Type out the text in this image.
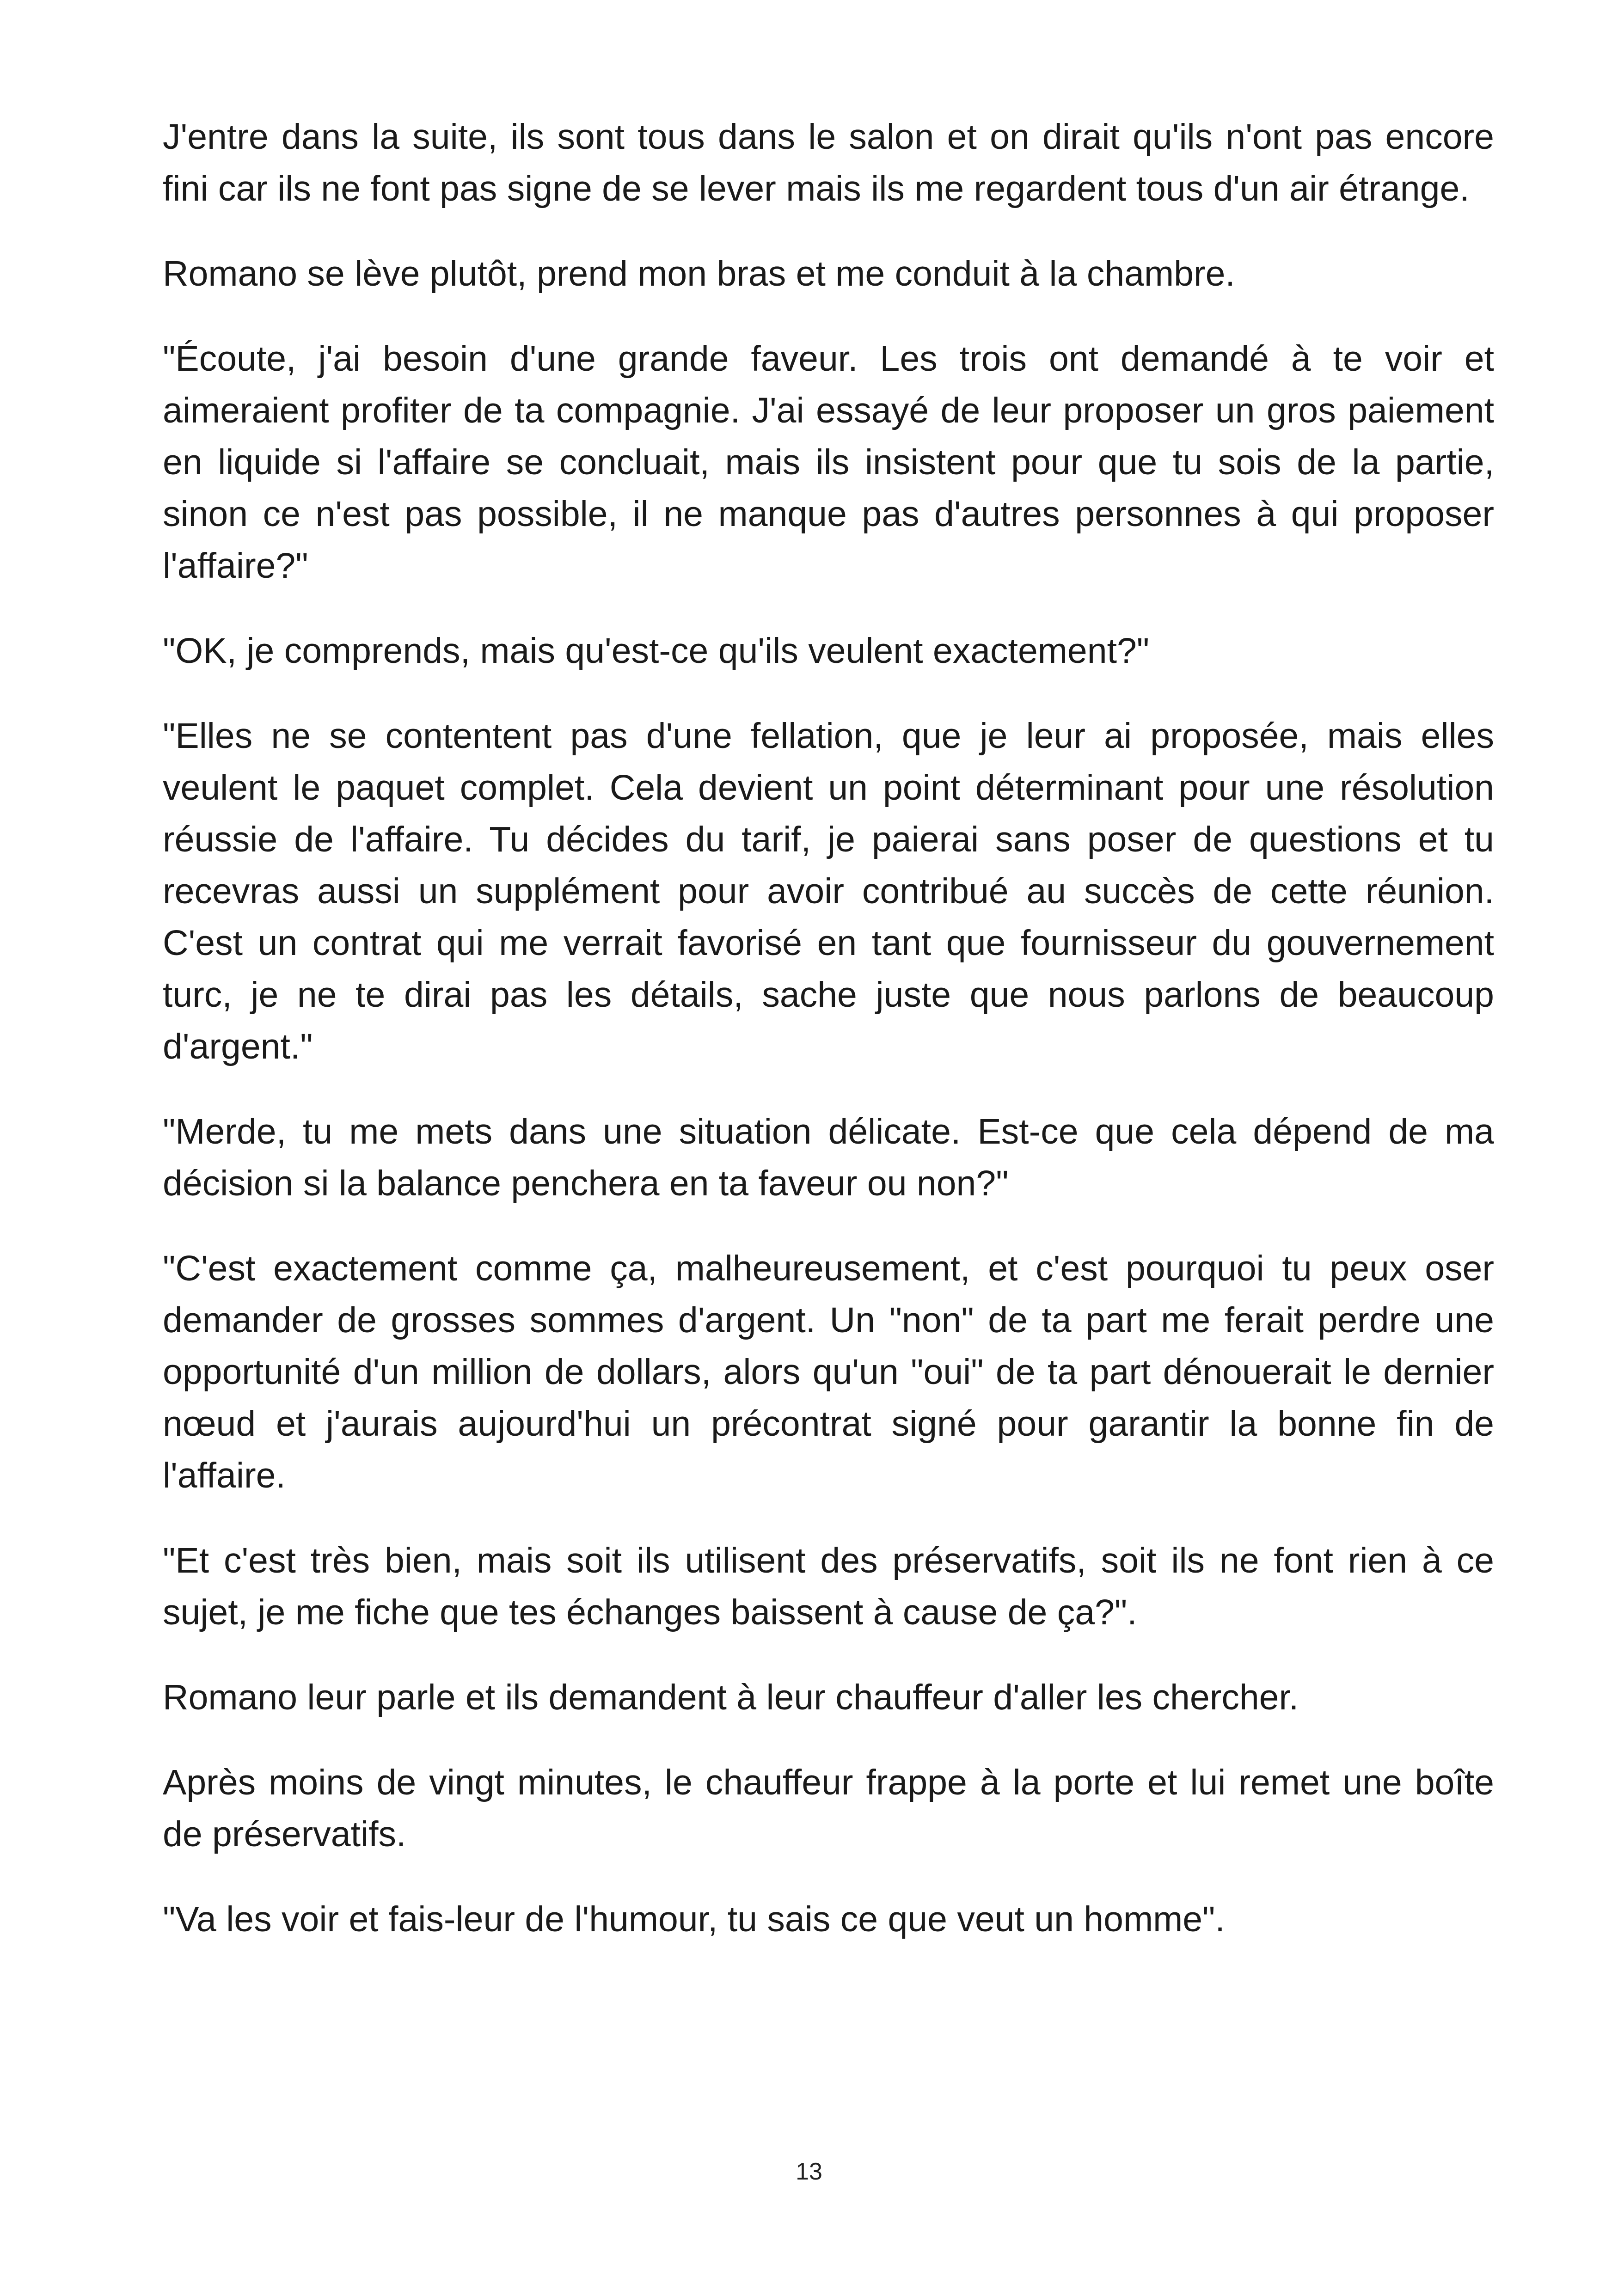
J'entre dans la suite, ils sont tous dans le salon et on dirait qu'ils n'ont pas encore fini car ils ne font pas signe de se lever mais ils me regardent tous d'un air étrange.

Romano se lève plutôt, prend mon bras et me conduit à la chambre.

"Écoute, j'ai besoin d'une grande faveur. Les trois ont demandé à te voir et aimeraient profiter de ta compagnie. J'ai essayé de leur proposer un gros paiement en liquide si l'affaire se concluait, mais ils insistent pour que tu sois de la partie, sinon ce n'est pas possible, il ne manque pas d'autres personnes à qui proposer l'affaire?"

"OK, je comprends, mais qu'est-ce qu'ils veulent exactement?"

"Elles ne se contentent pas d'une fellation, que je leur ai proposée, mais elles veulent le paquet complet. Cela devient un point déterminant pour une résolution réussie de l'affaire. Tu décides du tarif, je paierai sans poser de questions et tu recevras aussi un supplément pour avoir contribué au succès de cette réunion. C'est un contrat qui me verrait favorisé en tant que fournisseur du gouvernement turc, je ne te dirai pas les détails, sache juste que nous parlons de beaucoup d'argent."

"Merde, tu me mets dans une situation délicate. Est-ce que cela dépend de ma décision si la balance penchera en ta faveur ou non?"

"C'est exactement comme ça, malheureusement, et c'est pourquoi tu peux oser demander de grosses sommes d'argent. Un "non" de ta part me ferait perdre une opportunité d'un million de dollars, alors qu'un "oui" de ta part dénouerait le dernier nœud et j'aurais aujourd'hui un précontrat signé pour garantir la bonne fin de l'affaire.

"Et c'est très bien, mais soit ils utilisent des préservatifs, soit ils ne font rien à ce sujet, je me fiche que tes échanges baissent à cause de ça?".

Romano leur parle et ils demandent à leur chauffeur d'aller les chercher.

Après moins de vingt minutes, le chauffeur frappe à la porte et lui remet une boîte de préservatifs.

"Va les voir et fais-leur de l'humour, tu sais ce que veut un homme".

13
